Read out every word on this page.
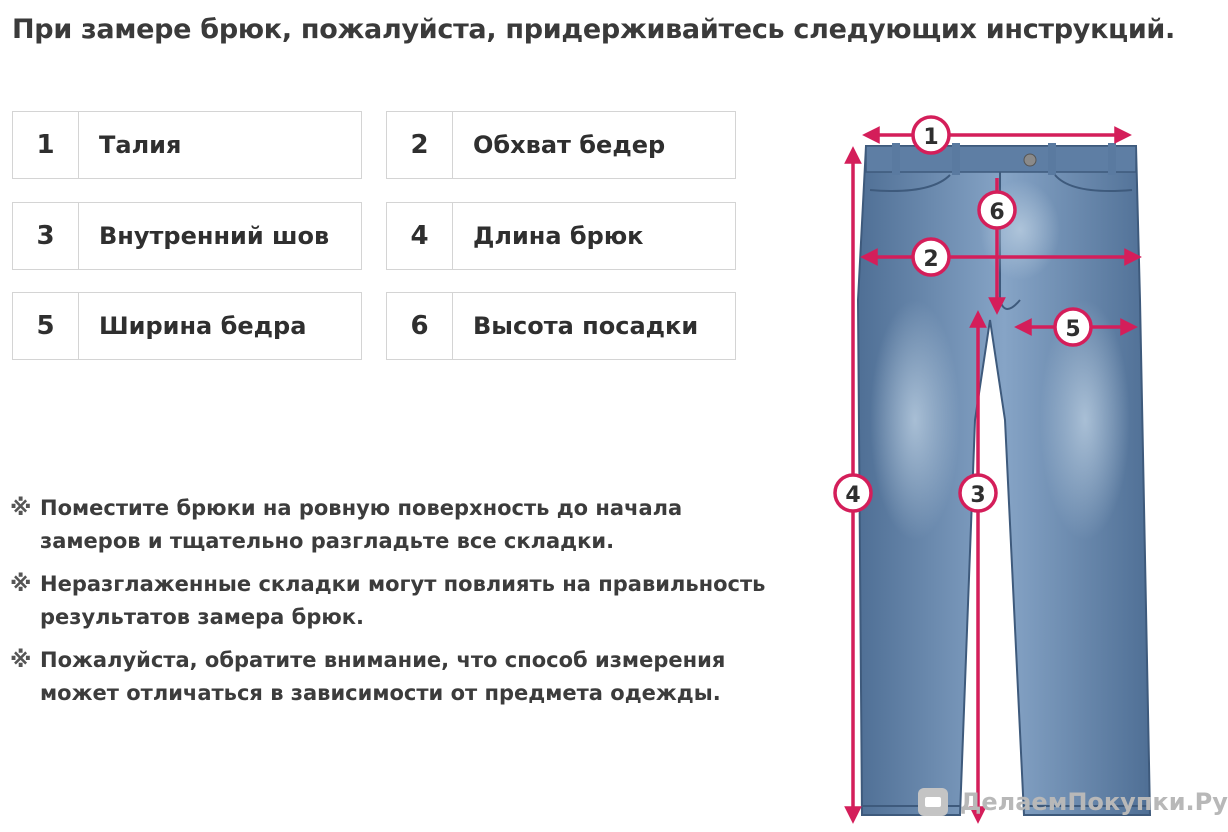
При замере брюк, пожалуйста, придерживайтесь следующих инструкций.
1	Талия	2	Обхват бедер
3	Внутренний шов	4	Длина брюк
5	Ширина бедра	6	Высота посадки
※ Поместите брюки на ровную поверхность до начала замеров и тщательно разгладьте все складки.
※ Неразглаженные складки могут повлиять на правильность результатов замера брюк.
※ Пожалуйста, обратите внимание, что способ измерения может отличаться в зависимости от предмета одежды.
1
2
3
4
5
6
ДелаемПокупки.Ру
